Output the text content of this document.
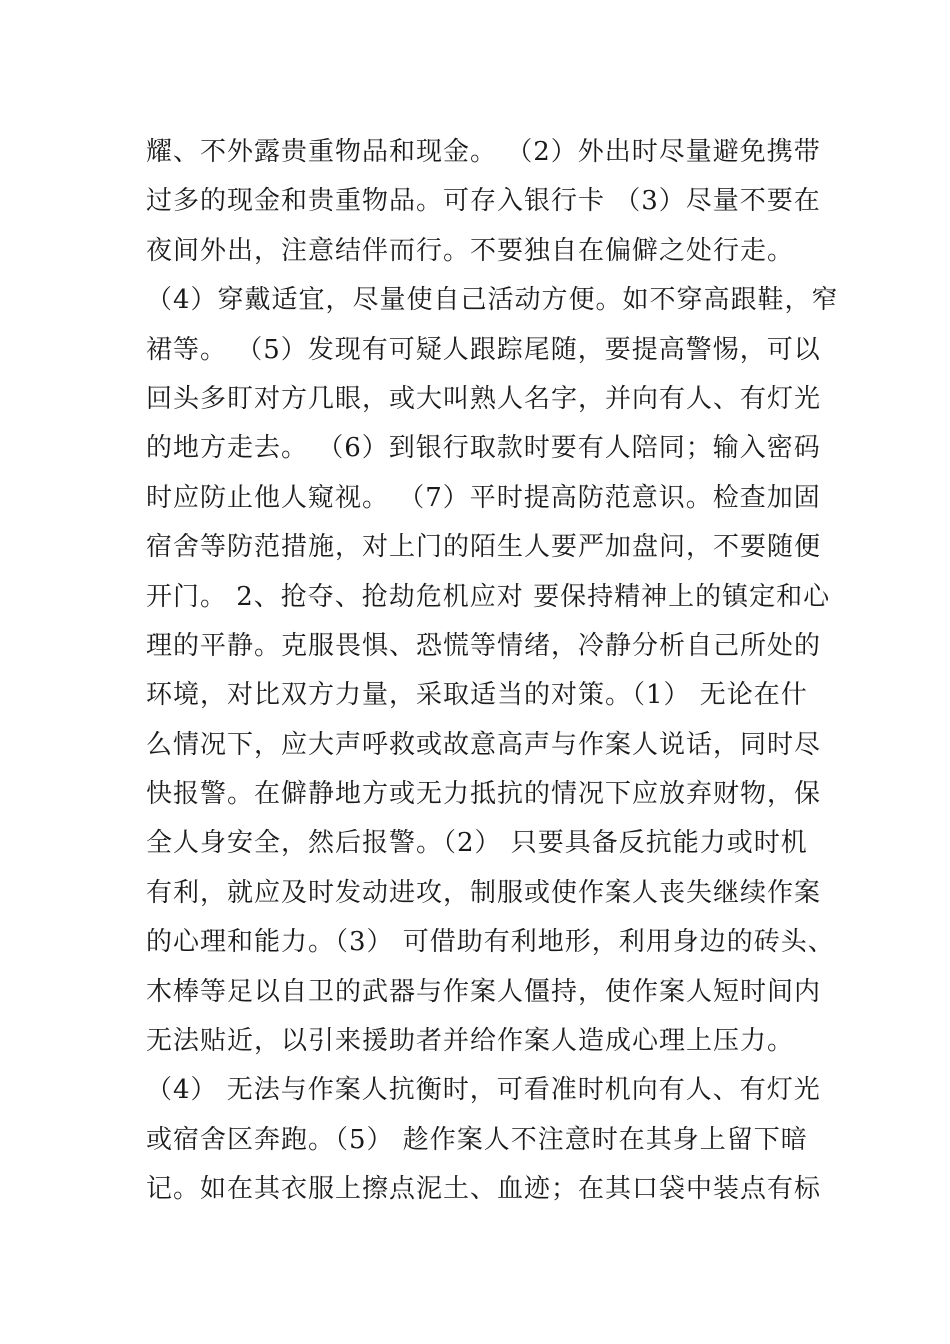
耀、不外露贵重物品和现金。 （2）外出时尽量避免携带
过多的现金和贵重物品。可存入银行卡 （3）尽量不要在
夜间外出，注意结伴而行。不要独自在偏僻之处行走。
（4）穿戴适宜，尽量使自己活动方便。如不穿高跟鞋，窄
裙等。 （5）发现有可疑人跟踪尾随，要提高警惕，可以
回头多盯对方几眼，或大叫熟人名字，并向有人、有灯光
的地方走去。 （6）到银行取款时要有人陪同；输入密码
时应防止他人窥视。 （7）平时提高防范意识。检查加固
宿舍等防范措施，对上门的陌生人要严加盘问，不要随便
开门。 2、抢夺、抢劫危机应对 要保持精神上的镇定和心
理的平静。克服畏惧、恐慌等情绪，冷静分析自己所处的
环境，对比双方力量，采取适当的对策。（1） 无论在什
么情况下，应大声呼救或故意高声与作案人说话，同时尽
快报警。在僻静地方或无力抵抗的情况下应放弃财物，保
全人身安全，然后报警。（2） 只要具备反抗能力或时机
有利，就应及时发动进攻，制服或使作案人丧失继续作案
的心理和能力。（3） 可借助有利地形，利用身边的砖头、
木棒等足以自卫的武器与作案人僵持，使作案人短时间内
无法贴近，以引来援助者并给作案人造成心理上压力。
（4） 无法与作案人抗衡时，可看准时机向有人、有灯光
或宿舍区奔跑。（5） 趁作案人不注意时在其身上留下暗
记。如在其衣服上擦点泥土、血迹；在其口袋中装点有标
